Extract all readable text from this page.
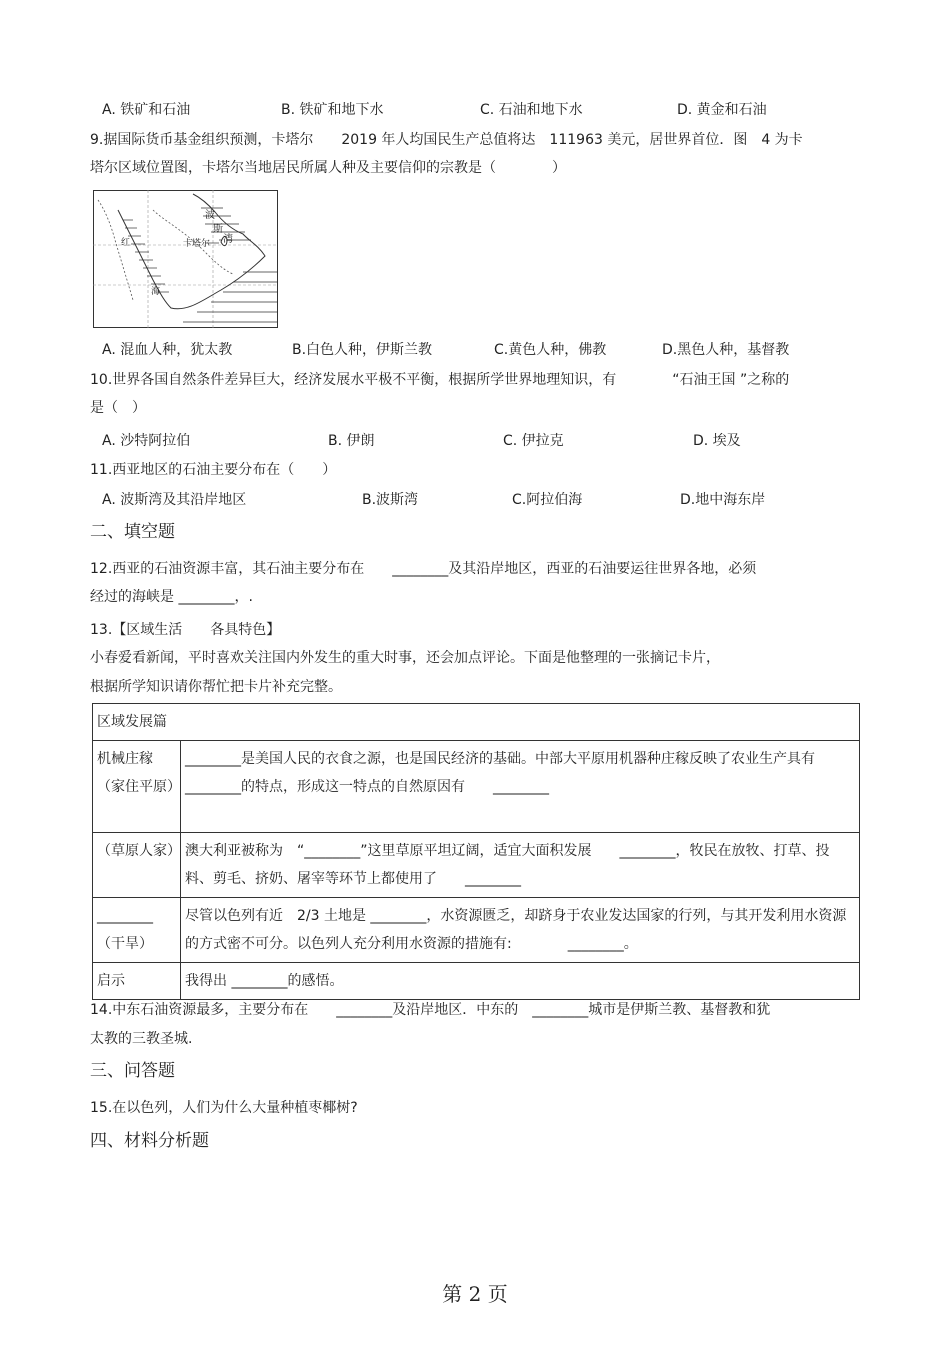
A. 铁矿和石油	B. 铁矿和地下水	C. 石油和地下水	D. 黄金和石油
9.据国际货币基金组织预测，卡塔尔　　2019 年人均国民生产总值将达　111963 美元，居世界首位．图　4 为卡
塔尔区域位置图，卡塔尔当地居民所属人种及主要信仰的宗教是（　　　　）
波
斯
湾
卡塔尔
红
海
A. 混血人种，犹太教	B.白色人种，伊斯兰教	C.黄色人种，佛教	D.黑色人种，基督教
10.世界各国自然条件差异巨大，经济发展水平极不平衡，根据所学世界地理知识，有　　　　“石油王国 ”之称的
是（　）
A. 沙特阿拉伯	B. 伊朗	C. 伊拉克	D. 埃及
11.西亚地区的石油主要分布在（　　）
A. 波斯湾及其沿岸地区	B.波斯湾	C.阿拉伯海	D.地中海东岸
二、填空题
12.西亚的石油资源丰富，其石油主要分布在　　________及其沿岸地区，西亚的石油要运往世界各地，必须
经过的海峡是 ________，.
13.【区域生活　　各具特色】
小春爱看新闻，平时喜欢关注国内外发生的重大时事，还会加点评论。下面是他整理的一张摘记卡片，
根据所学知识请你帮忙把卡片补充完整。
区域发展篇	
机械庄稼（家住平原）	________是美国人民的衣食之源，也是国民经济的基础。中部大平原用机器种庄稼反映了农业生产具有 ________的特点，形成这一特点的自然原因有　　________
（草原人家）	澳大利亚被称为　“________”这里草原平坦辽阔，适宜大面积发展　　________，牧民在放牧、打草、投料、剪毛、挤奶、屠宰等环节上都使用了　　________
________（干旱）	尽管以色列有近　2/3 土地是 ________，水资源匮乏，却跻身于农业发达国家的行列，与其开发利用水资源的方式密不可分。以色列人充分利用水资源的措施有:　　　　________。
启示	我得出 ________的感悟。
14.中东石油资源最多，主要分布在　　________及沿岸地区．中东的　________城市是伊斯兰教、基督教和犹
太教的三教圣城.
三、问答题
15.在以色列，人们为什么大量种植枣椰树?
四、材料分析题
第 2 页
